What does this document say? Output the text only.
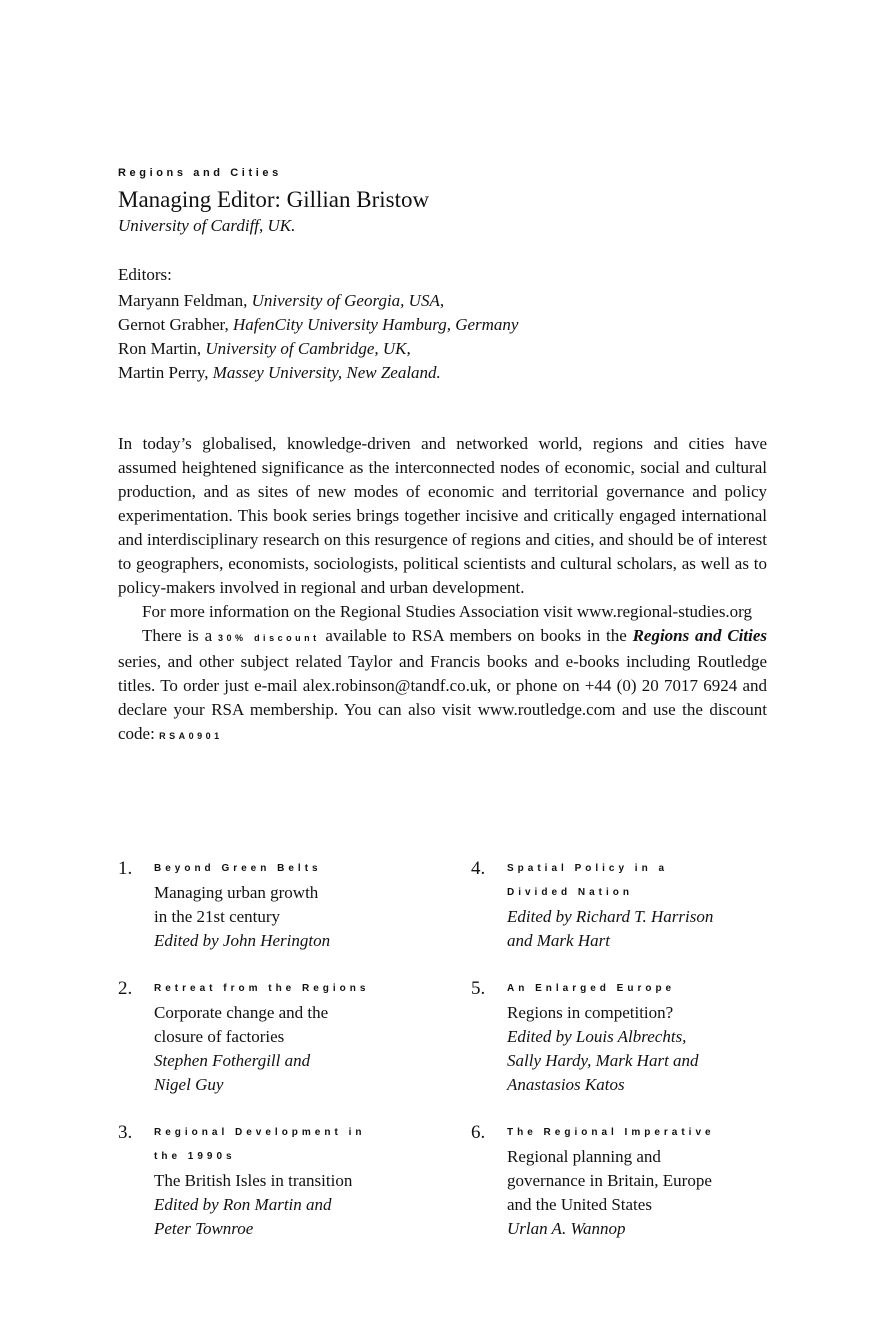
Regions and Cities
Managing Editor: Gillian Bristow
University of Cardiff, UK.
Editors:
Maryann Feldman, University of Georgia, USA,
Gernot Grabher, HafenCity University Hamburg, Germany
Ron Martin, University of Cambridge, UK,
Martin Perry, Massey University, New Zealand.

In today’s globalised, knowledge-driven and networked world, regions and cities have assumed heightened significance as the interconnected nodes of economic, social and cultural production, and as sites of new modes of economic and territorial governance and policy experimentation. This book series brings together incisive and critically engaged international and interdisciplinary research on this resurgence of regions and cities, and should be of interest to geographers, economists, sociologists, political scientists and cultural scholars, as well as to policy-makers involved in regional and urban development.

For more information on the Regional Studies Association visit www.regional-studies.org

There is a 30% discount available to RSA members on books in the Regions and Cities series, and other subject related Taylor and Francis books and e-books including Routledge titles. To order just e-mail alex.robinson@tandf.co.uk, or phone on +44 (0) 20 7017 6924 and declare your RSA membership. You can also visit www.routledge.com and use the discount code: RSA0901

1. Beyond Green Belts
Managing urban growth
in the 21st century
Edited by John Herington
2. Retreat from the Regions
Corporate change and the
closure of factories
Stephen Fothergill and
Nigel Guy
3. Regional Development in the 1990s
The British Isles in transition
Edited by Ron Martin and
Peter Townroe
4. Spatial Policy in a Divided Nation
Edited by Richard T. Harrison
and Mark Hart
5. An Enlarged Europe
Regions in competition?
Edited by Louis Albrechts,
Sally Hardy, Mark Hart and
Anastasios Katos
6. The Regional Imperative
Regional planning and
governance in Britain, Europe
and the United States
Urlan A. Wannop
